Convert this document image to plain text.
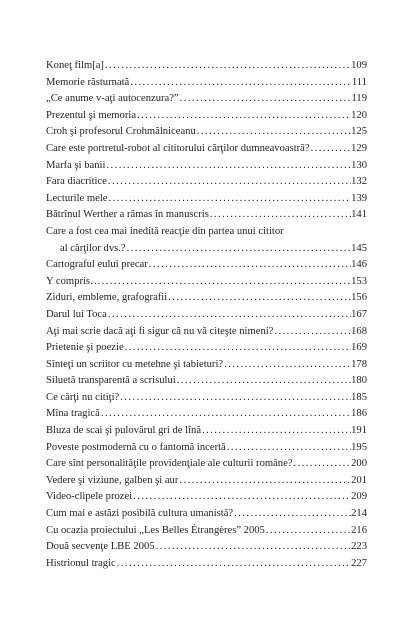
Koneţ film[a] . . .	109
Memorie răsturnată . . .	111
„Ce anume v-aţi autocenzura?” . . .	119
Prezentul şi memoria . . .	120
Croh şi profesorul Crohmălniceanu . . .	125
Care este portretul-robot al cititorului cărţilor dumneavoastră? . . .	129
Marfa şi banii . . .	130
Fara diacritice . . .	132
Lecturile mele . . .	139
Bătrînul Werther a rămas în manuscris . . .	141
Care a fost cea mai inedită reacţie din partea unui cititor
al cărţilor dvs.? . . .	145
Cartograful eului precar . . .	146
Y compris… . . .	153
Ziduri, embleme, grafografii . . .	156
Darul lui Toca . . .	167
Aţi mai scrie dacă aţi fi sigur că nu vă citeşte nimeni? . . .	168
Prietenie şi poezie . . .	169
Sînteţi un scriitor cu metehne şi tabieturi? . . .	178
Siluetă transparentă a scrisului . . .	180
Ce cărţi nu citiţi? . . .	185
Mîna tragică . . .	186
Bluza de scai şi pulovărul gri de lînă . . .	191
Poveste postmodernă cu o fantomă incertă . . .	195
Care sînt personalităţile providenţiale ale culturii române? . . .	200
Vedere şi viziune, galben şi aur . . .	201
Video-clipele prozei . . .	209
Cum mai e astăzi posibilă cultura umanistă? . . .	214
Cu ocazia proiectului „Les Belles Étrangères” 2005 . . .	216
Două secvenţe LBE 2005 . . .	223
Histrionul tragic . . .	227
